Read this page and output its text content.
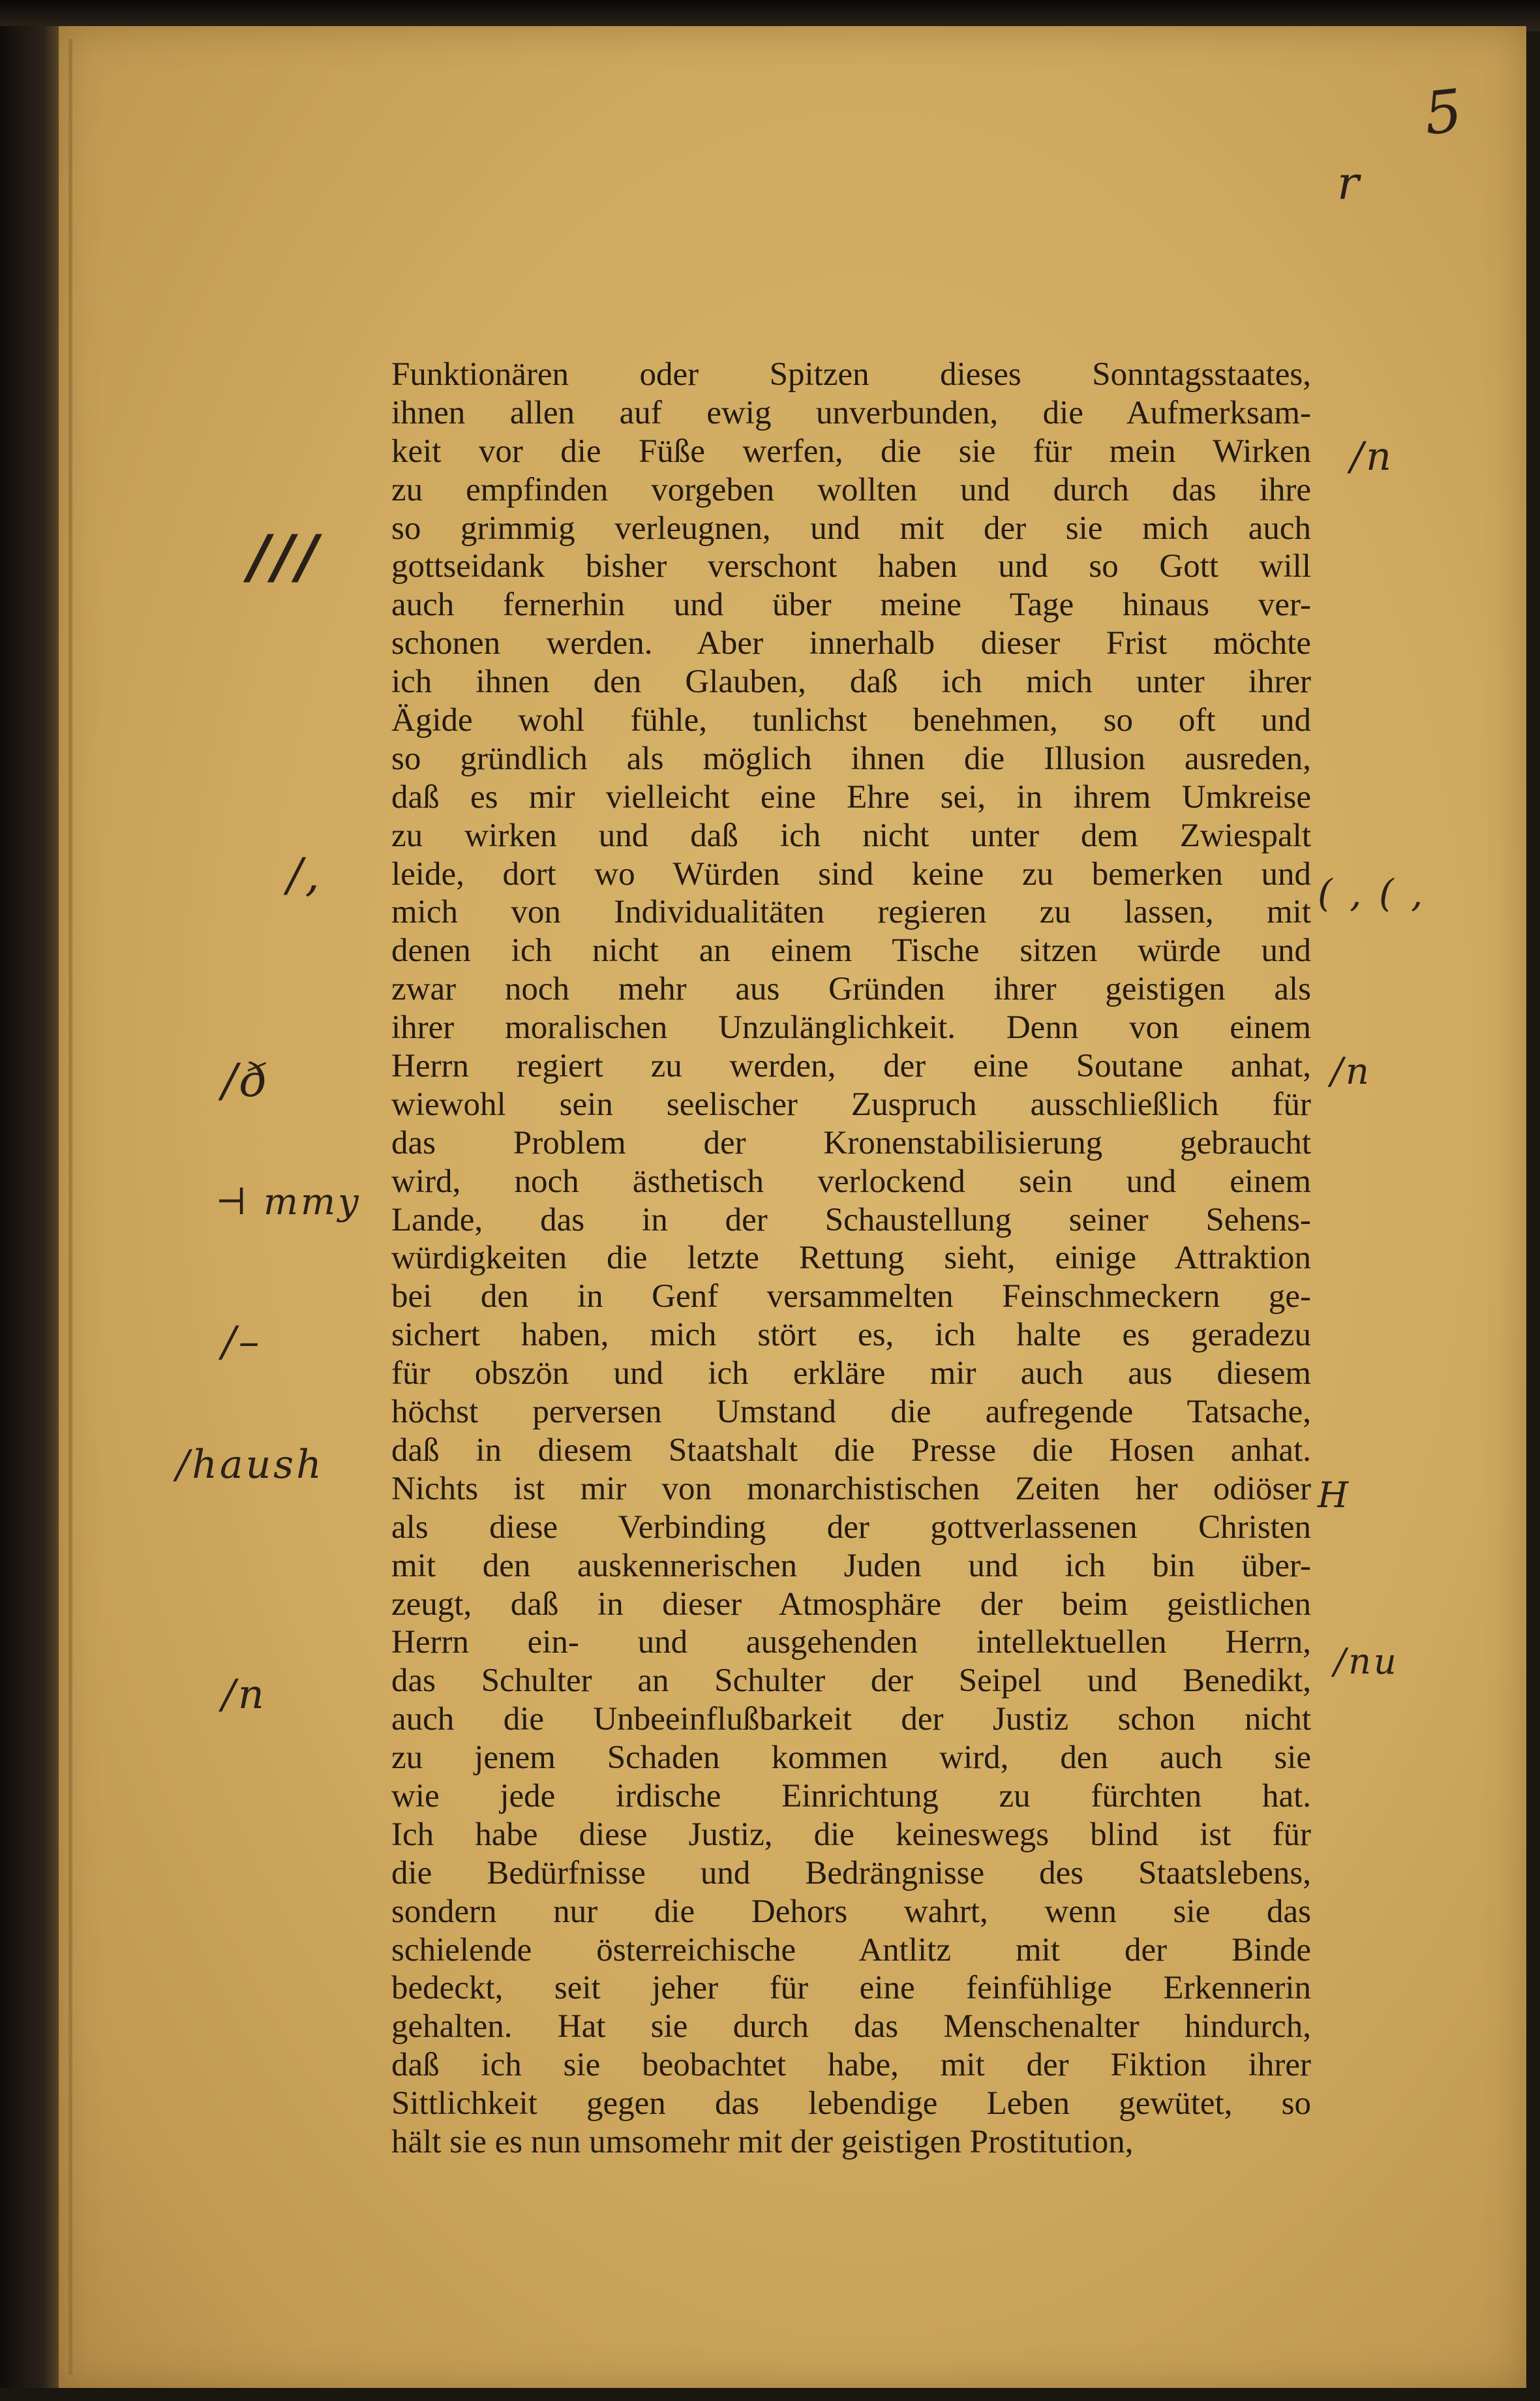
5
r
/n
( , ( ,
/n
H
/nu
///
/,
/ð
⊣ mmy
/–
/haush
/n
Funktionären oder Spitzen dieses Sonntagsstaates,
ihnen allen auf ewig unverbunden, die Aufmerksam-
keit vor die Füße werfen, die sie für mein Wirken
zu empfinden vorgeben wollten und durch das ihre
so grimmig verleugnen, und mit der sie mich auch
gottseidank bisher verschont haben und so Gott will
auch fernerhin und über meine Tage hinaus ver-
schonen werden. Aber innerhalb dieser Frist möchte
ich ihnen den Glauben, daß ich mich unter ihrer
Ägide wohl fühle, tunlichst benehmen, so oft und
so gründlich als möglich ihnen die Illusion ausreden,
daß es mir vielleicht eine Ehre sei, in ihrem Umkreise
zu wirken und daß ich nicht unter dem Zwiespalt
leide, dort wo Würden sind keine zu bemerken und
mich von Individualitäten regieren zu lassen, mit
denen ich nicht an einem Tische sitzen würde und
zwar noch mehr aus Gründen ihrer geistigen als
ihrer moralischen Unzulänglichkeit. Denn von einem
Herrn regiert zu werden, der eine Soutane anhat,
wiewohl sein seelischer Zuspruch ausschließlich für
das Problem der Kronenstabilisierung gebraucht
wird, noch ästhetisch verlockend sein und einem
Lande, das in der Schaustellung seiner Sehens-
würdigkeiten die letzte Rettung sieht, einige Attraktion
bei den in Genf versammelten Feinschmeckern ge-
sichert haben, mich stört es, ich halte es geradezu
für obszön und ich erkläre mir auch aus diesem
höchst perversen Umstand die aufregende Tatsache,
daß in diesem Staatshalt die Presse die Hosen anhat.
Nichts ist mir von monarchistischen Zeiten her odiöser
als diese Verbinding der gottverlassenen Christen
mit den auskennerischen Juden und ich bin über-
zeugt, daß in dieser Atmosphäre der beim geistlichen
Herrn ein- und ausgehenden intellektuellen Herrn,
das Schulter an Schulter der Seipel und Benedikt,
auch die Unbeeinflußbarkeit der Justiz schon nicht
zu jenem Schaden kommen wird, den auch sie
wie jede irdische Einrichtung zu fürchten hat.
Ich habe diese Justiz, die keineswegs blind ist für
die Bedürfnisse und Bedrängnisse des Staatslebens,
sondern nur die Dehors wahrt, wenn sie das
schielende österreichische Antlitz mit der Binde
bedeckt, seit jeher für eine feinfühlige Erkennerin
gehalten. Hat sie durch das Menschenalter hindurch,
daß ich sie beobachtet habe, mit der Fiktion ihrer
Sittlichkeit gegen das lebendige Leben gewütet, so
hält sie es nun umsomehr mit der geistigen Prostitution,
